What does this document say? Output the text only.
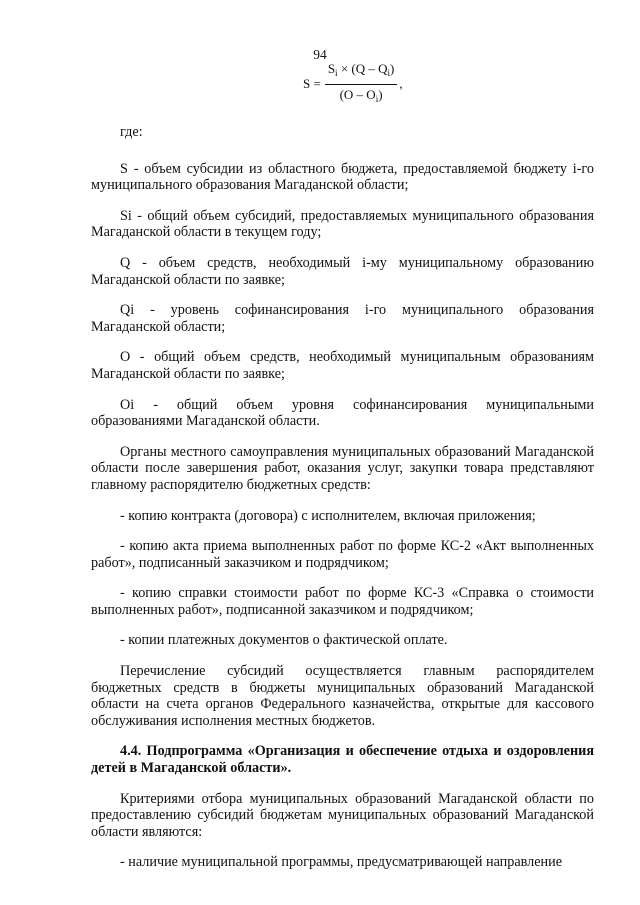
94
$S = \frac{S_i \times (Q - Q_i)}{(O - O_i)}$ ,

где:

S - объем субсидии из областного бюджета, предоставляемой бюджету i-го муниципального образования Магаданской области;

Si - общий объем субсидий, предоставляемых муниципального образования Магаданской области в текущем году;

Q - объем средств, необходимый i-му муниципальному образованию Магаданской области по заявке;

Qi - уровень софинансирования i-го муниципального образования Магаданской области;

O - общий объем средств, необходимый муниципальным образованиям Магаданской области по заявке;

Oi - общий объем уровня софинансирования муниципальными образованиями Магаданской области.

Органы местного самоуправления муниципальных образований Магаданской области после завершения работ, оказания услуг, закупки товара представляют главному распорядителю бюджетных средств:

- копию контракта (договора) с исполнителем, включая приложения;

- копию акта приема выполненных работ по форме КС-2 «Акт выполненных работ», подписанный заказчиком и подрядчиком;

- копию справки стоимости работ по форме КС-3 «Справка о стоимости выполненных работ», подписанной заказчиком и подрядчиком;

- копии платежных документов о фактической оплате.

Перечисление субсидий осуществляется главным распорядителем бюджетных средств в бюджеты муниципальных образований Магаданской области на счета органов Федерального казначейства, открытые для кассового обслуживания исполнения местных бюджетов.

4.4. Подпрограмма «Организация и обеспечение отдыха и оздоровления детей в Магаданской области».

Критериями отбора муниципальных образований Магаданской области по предоставлению субсидий бюджетам муниципальных образований Магаданской области являются:

- наличие муниципальной программы, предусматривающей направление
